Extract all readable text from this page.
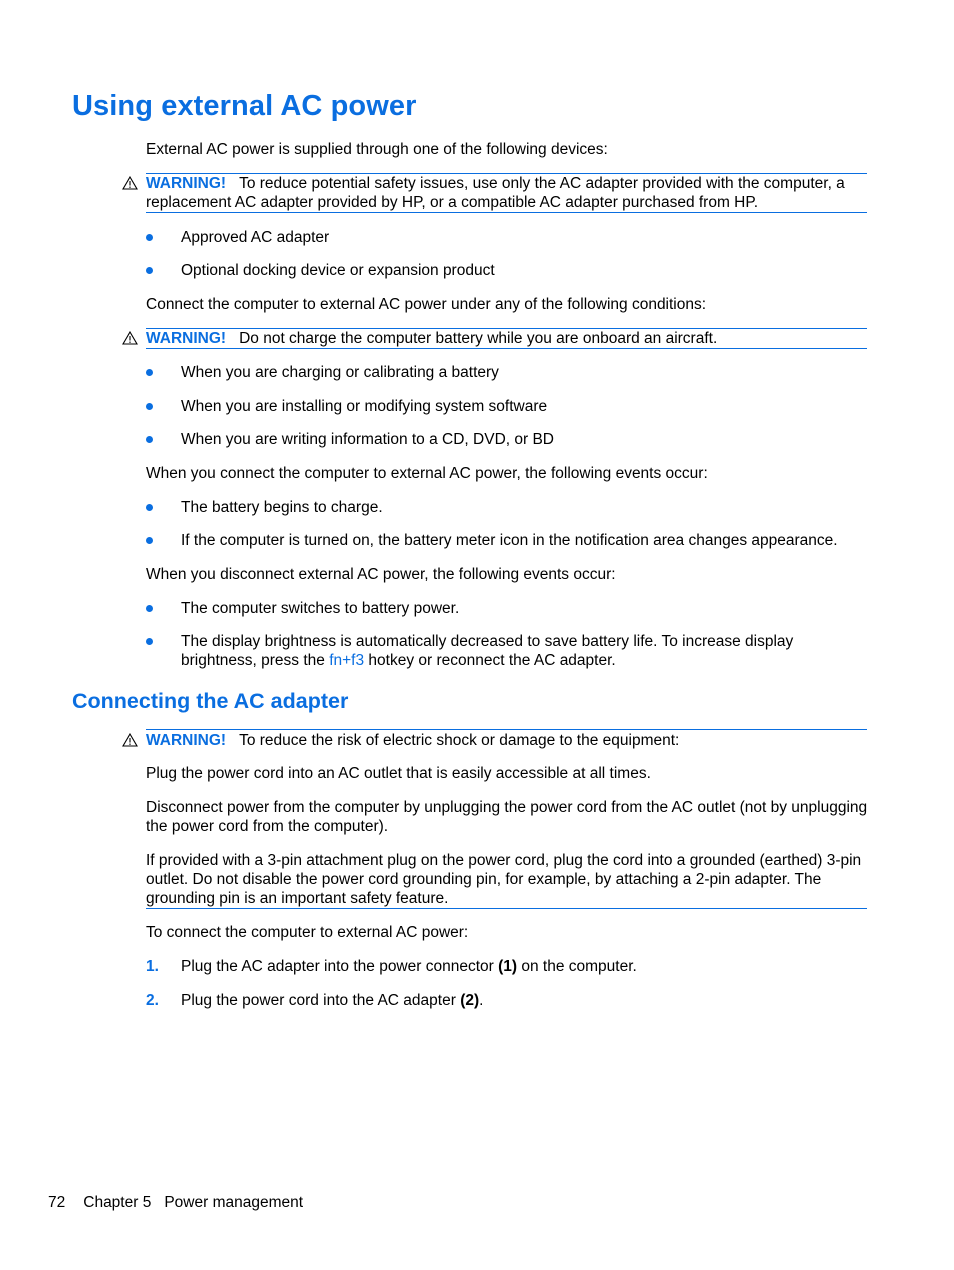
Using external AC power

External AC power is supplied through one of the following devices:

WARNING! To reduce potential safety issues, use only the AC adapter provided with the computer, a replacement AC adapter provided by HP, or a compatible AC adapter purchased from HP.
Approved AC adapter
Optional docking device or expansion product

Connect the computer to external AC power under any of the following conditions:

WARNING! Do not charge the computer battery while you are onboard an aircraft.
When you are charging or calibrating a battery
When you are installing or modifying system software
When you are writing information to a CD, DVD, or BD

When you connect the computer to external AC power, the following events occur:

The battery begins to charge.
If the computer is turned on, the battery meter icon in the notification area changes appearance.

When you disconnect external AC power, the following events occur:

The computer switches to battery power.
The display brightness is automatically decreased to save battery life. To increase display brightness, press the fn+f3 hotkey or reconnect the AC adapter.
Connecting the AC adapter
WARNING! To reduce the risk of electric shock or damage to the equipment:

Plug the power cord into an AC outlet that is easily accessible at all times.

Disconnect power from the computer by unplugging the power cord from the AC outlet (not by unplugging the power cord from the computer).

If provided with a 3-pin attachment plug on the power cord, plug the cord into a grounded (earthed) 3-pin outlet. Do not disable the power cord grounding pin, for example, by attaching a 2-pin adapter. The grounding pin is an important safety feature.

To connect the computer to external AC power:

1. Plug the AC adapter into the power connector (1) on the computer.
2. Plug the power cord into the AC adapter (2).
72 Chapter 5 Power management
